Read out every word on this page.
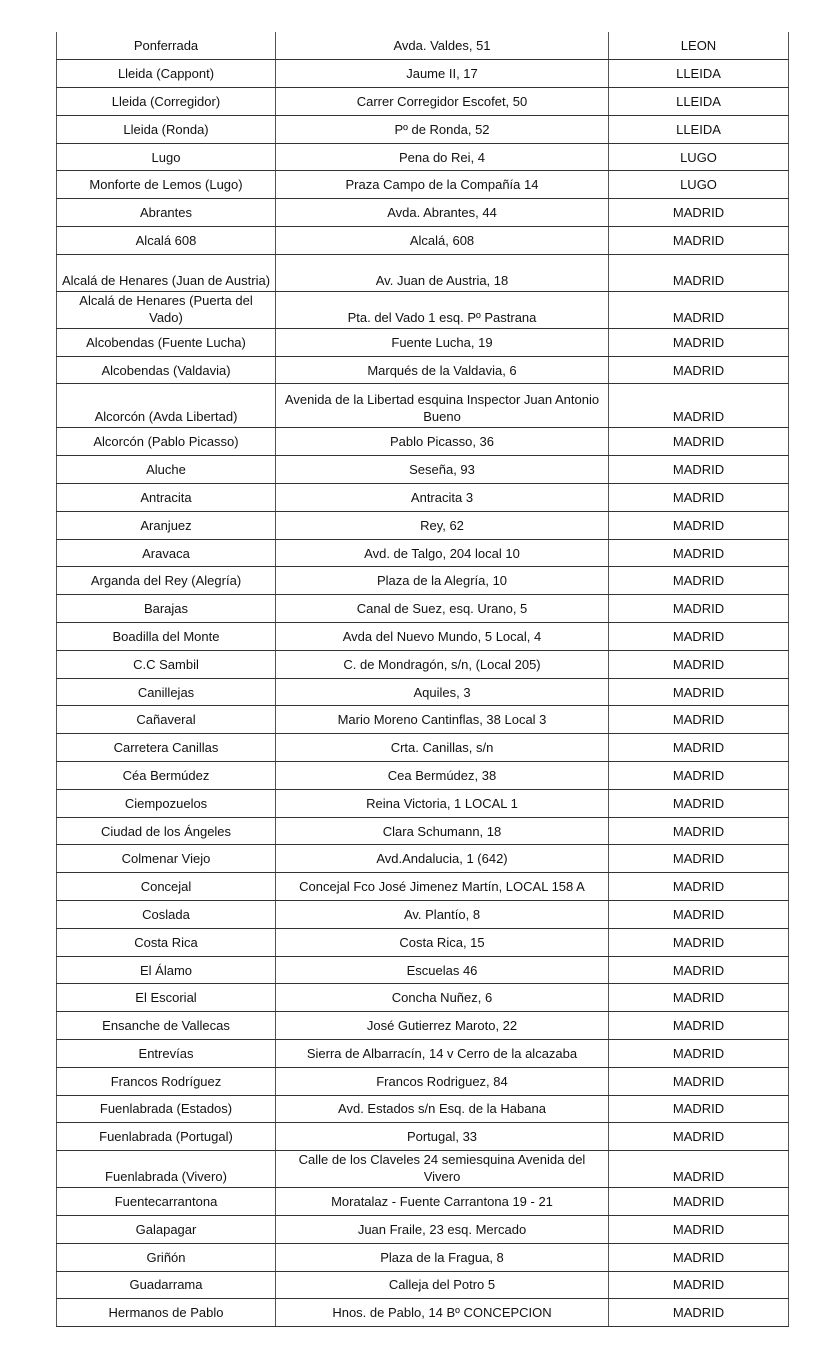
Ponferrada	Avda. Valdes, 51	LEON
Lleida (Cappont)	Jaume II, 17	LLEIDA
Lleida (Corregidor)	Carrer Corregidor Escofet, 50	LLEIDA
Lleida (Ronda)	Pº de Ronda, 52	LLEIDA
Lugo	Pena do Rei, 4	LUGO
Monforte de Lemos (Lugo)	Praza Campo de la Compañía 14	LUGO
Abrantes	Avda. Abrantes, 44	MADRID
Alcalá 608	Alcalá, 608	MADRID
Alcalá de Henares (Juan de Austria)	Av. Juan de Austria, 18	MADRID
Alcalá de Henares (Puerta del Vado)	Pta. del Vado 1 esq. Pº Pastrana	MADRID
Alcobendas (Fuente Lucha)	Fuente Lucha, 19	MADRID
Alcobendas (Valdavia)	Marqués de la Valdavia, 6	MADRID
Alcorcón (Avda Libertad)	Avenida de la Libertad esquina Inspector Juan Antonio Bueno	MADRID
Alcorcón (Pablo Picasso)	Pablo Picasso, 36	MADRID
Aluche	Seseña, 93	MADRID
Antracita	Antracita 3	MADRID
Aranjuez	Rey, 62	MADRID
Aravaca	Avd. de Talgo, 204 local 10	MADRID
Arganda del Rey (Alegría)	Plaza de la Alegría, 10	MADRID
Barajas	Canal de Suez, esq. Urano, 5	MADRID
Boadilla del Monte	Avda del Nuevo Mundo, 5 Local, 4	MADRID
C.C Sambil	C. de Mondragón, s/n, (Local 205)	MADRID
Canillejas	Aquiles, 3	MADRID
Cañaveral	Mario Moreno Cantinflas, 38 Local 3	MADRID
Carretera Canillas	Crta. Canillas, s/n	MADRID
Céa Bermúdez	Cea Bermúdez, 38	MADRID
Ciempozuelos	Reina Victoria, 1 LOCAL 1	MADRID
Ciudad de los Ángeles	Clara Schumann, 18	MADRID
Colmenar Viejo	Avd.Andalucia, 1 (642)	MADRID
Concejal	Concejal Fco José Jimenez Martín, LOCAL 158 A	MADRID
Coslada	Av. Plantío, 8	MADRID
Costa Rica	Costa Rica, 15	MADRID
El Álamo	Escuelas 46	MADRID
El Escorial	Concha Nuñez, 6	MADRID
Ensanche de Vallecas	José Gutierrez Maroto, 22	MADRID
Entrevías	Sierra de Albarracín, 14 v Cerro de la alcazaba	MADRID
Francos Rodríguez	Francos Rodriguez, 84	MADRID
Fuenlabrada (Estados)	Avd. Estados s/n Esq. de la Habana	MADRID
Fuenlabrada (Portugal)	Portugal, 33	MADRID
Fuenlabrada (Vivero)	Calle de los Claveles 24 semiesquina Avenida del Vivero	MADRID
Fuentecarrantona	Moratalaz - Fuente Carrantona 19 - 21	MADRID
Galapagar	Juan Fraile, 23 esq. Mercado	MADRID
Griñón	Plaza de la Fragua, 8	MADRID
Guadarrama	Calleja del Potro 5	MADRID
Hermanos de Pablo	Hnos. de Pablo, 14 Bº CONCEPCION	MADRID
